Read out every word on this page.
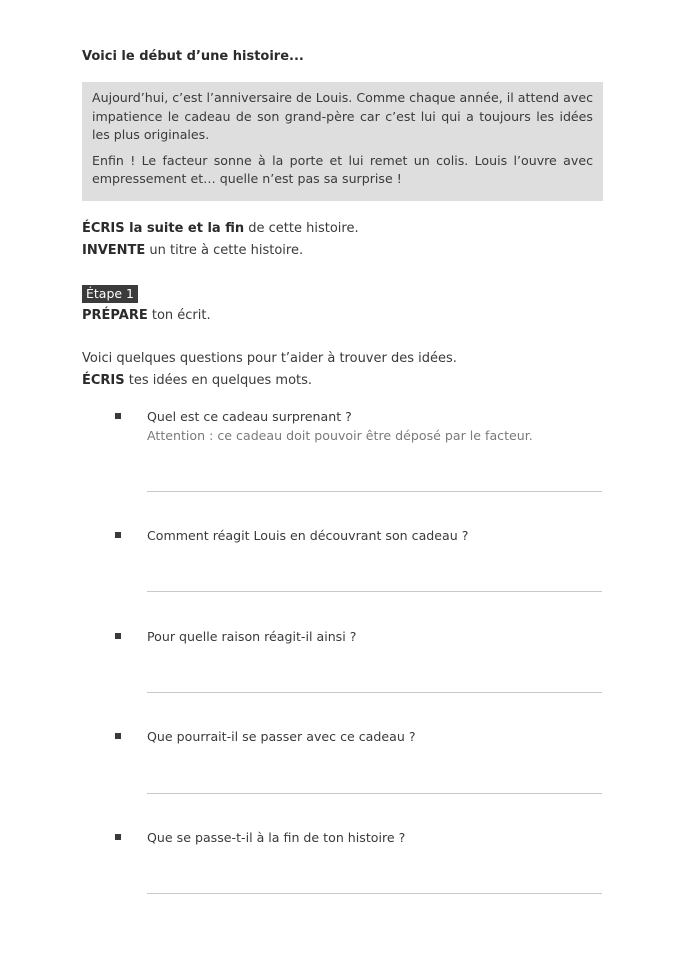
Voici le début d’une histoire...

Aujourd’hui, c’est l’anniversaire de Louis. Comme chaque année, il attend avec impatience le cadeau de son grand-père car c’est lui qui a toujours les idées les plus originales.

Enfin ! Le facteur sonne à la porte et lui remet un colis. Louis l’ouvre avec empressement et… quelle n’est pas sa surprise !

ÉCRIS la suite et la fin de cette histoire.
INVENTE un titre à cette histoire.
Étape 1
PRÉPARE ton écrit.
Voici quelques questions pour t’aider à trouver des idées.
ÉCRIS tes idées en quelques mots.
Quel est ce cadeau surprenant ?
Attention : ce cadeau doit pouvoir être déposé par le facteur.
Comment réagit Louis en découvrant son cadeau ?
Pour quelle raison réagit-il ainsi ?
Que pourrait-il se passer avec ce cadeau ?
Que se passe-t-il à la fin de ton histoire ?
